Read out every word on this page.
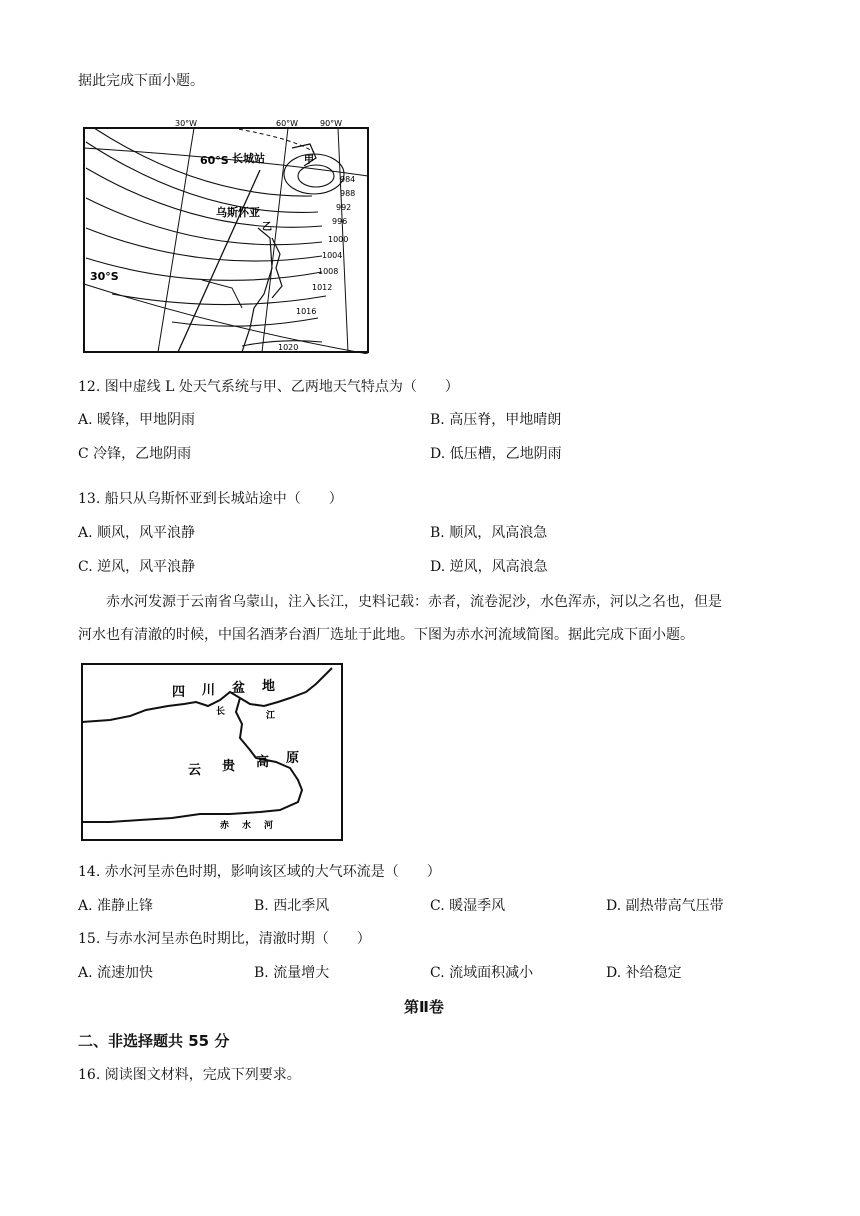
据此完成下面小题。
30°W	60°W	90°W
60°S
30°S
长城站
乌斯怀亚
甲
乙
984
988
992
996
1000
1004
1008
1012
1016
1020
12. 图中虚线 L 处天气系统与甲、乙两地天气特点为（　　）
A. 暖锋，甲地阴雨	B. 高压脊，甲地晴朗
C 冷锋，乙地阴雨	D. 低压槽，乙地阴雨
13. 船只从乌斯怀亚到长城站途中（　　）
A. 顺风，风平浪静	B. 顺风，风高浪急
C. 逆风，风平浪静	D. 逆风，风高浪急
赤水河发源于云南省乌蒙山，注入长江，史料记载：赤者，流卷泥沙，水色浑赤，河以之名也，但是
河水也有清澈的时候，中国名酒茅台酒厂选址于此地。下图为赤水河流域简图。据此完成下面小题。
四 川 盆 地
长	江
云 贵 高 原
赤 水 河
14. 赤水河呈赤色时期，影响该区域的大气环流是（　　）
A. 准静止锋	B. 西北季风	C. 暖湿季风	D. 副热带高气压带
15. 与赤水河呈赤色时期比，清澈时期（　　）
A. 流速加快	B. 流量增大	C. 流域面积减小	D. 补给稳定
第Ⅱ卷
二、非选择题共 55 分
16. 阅读图文材料，完成下列要求。
